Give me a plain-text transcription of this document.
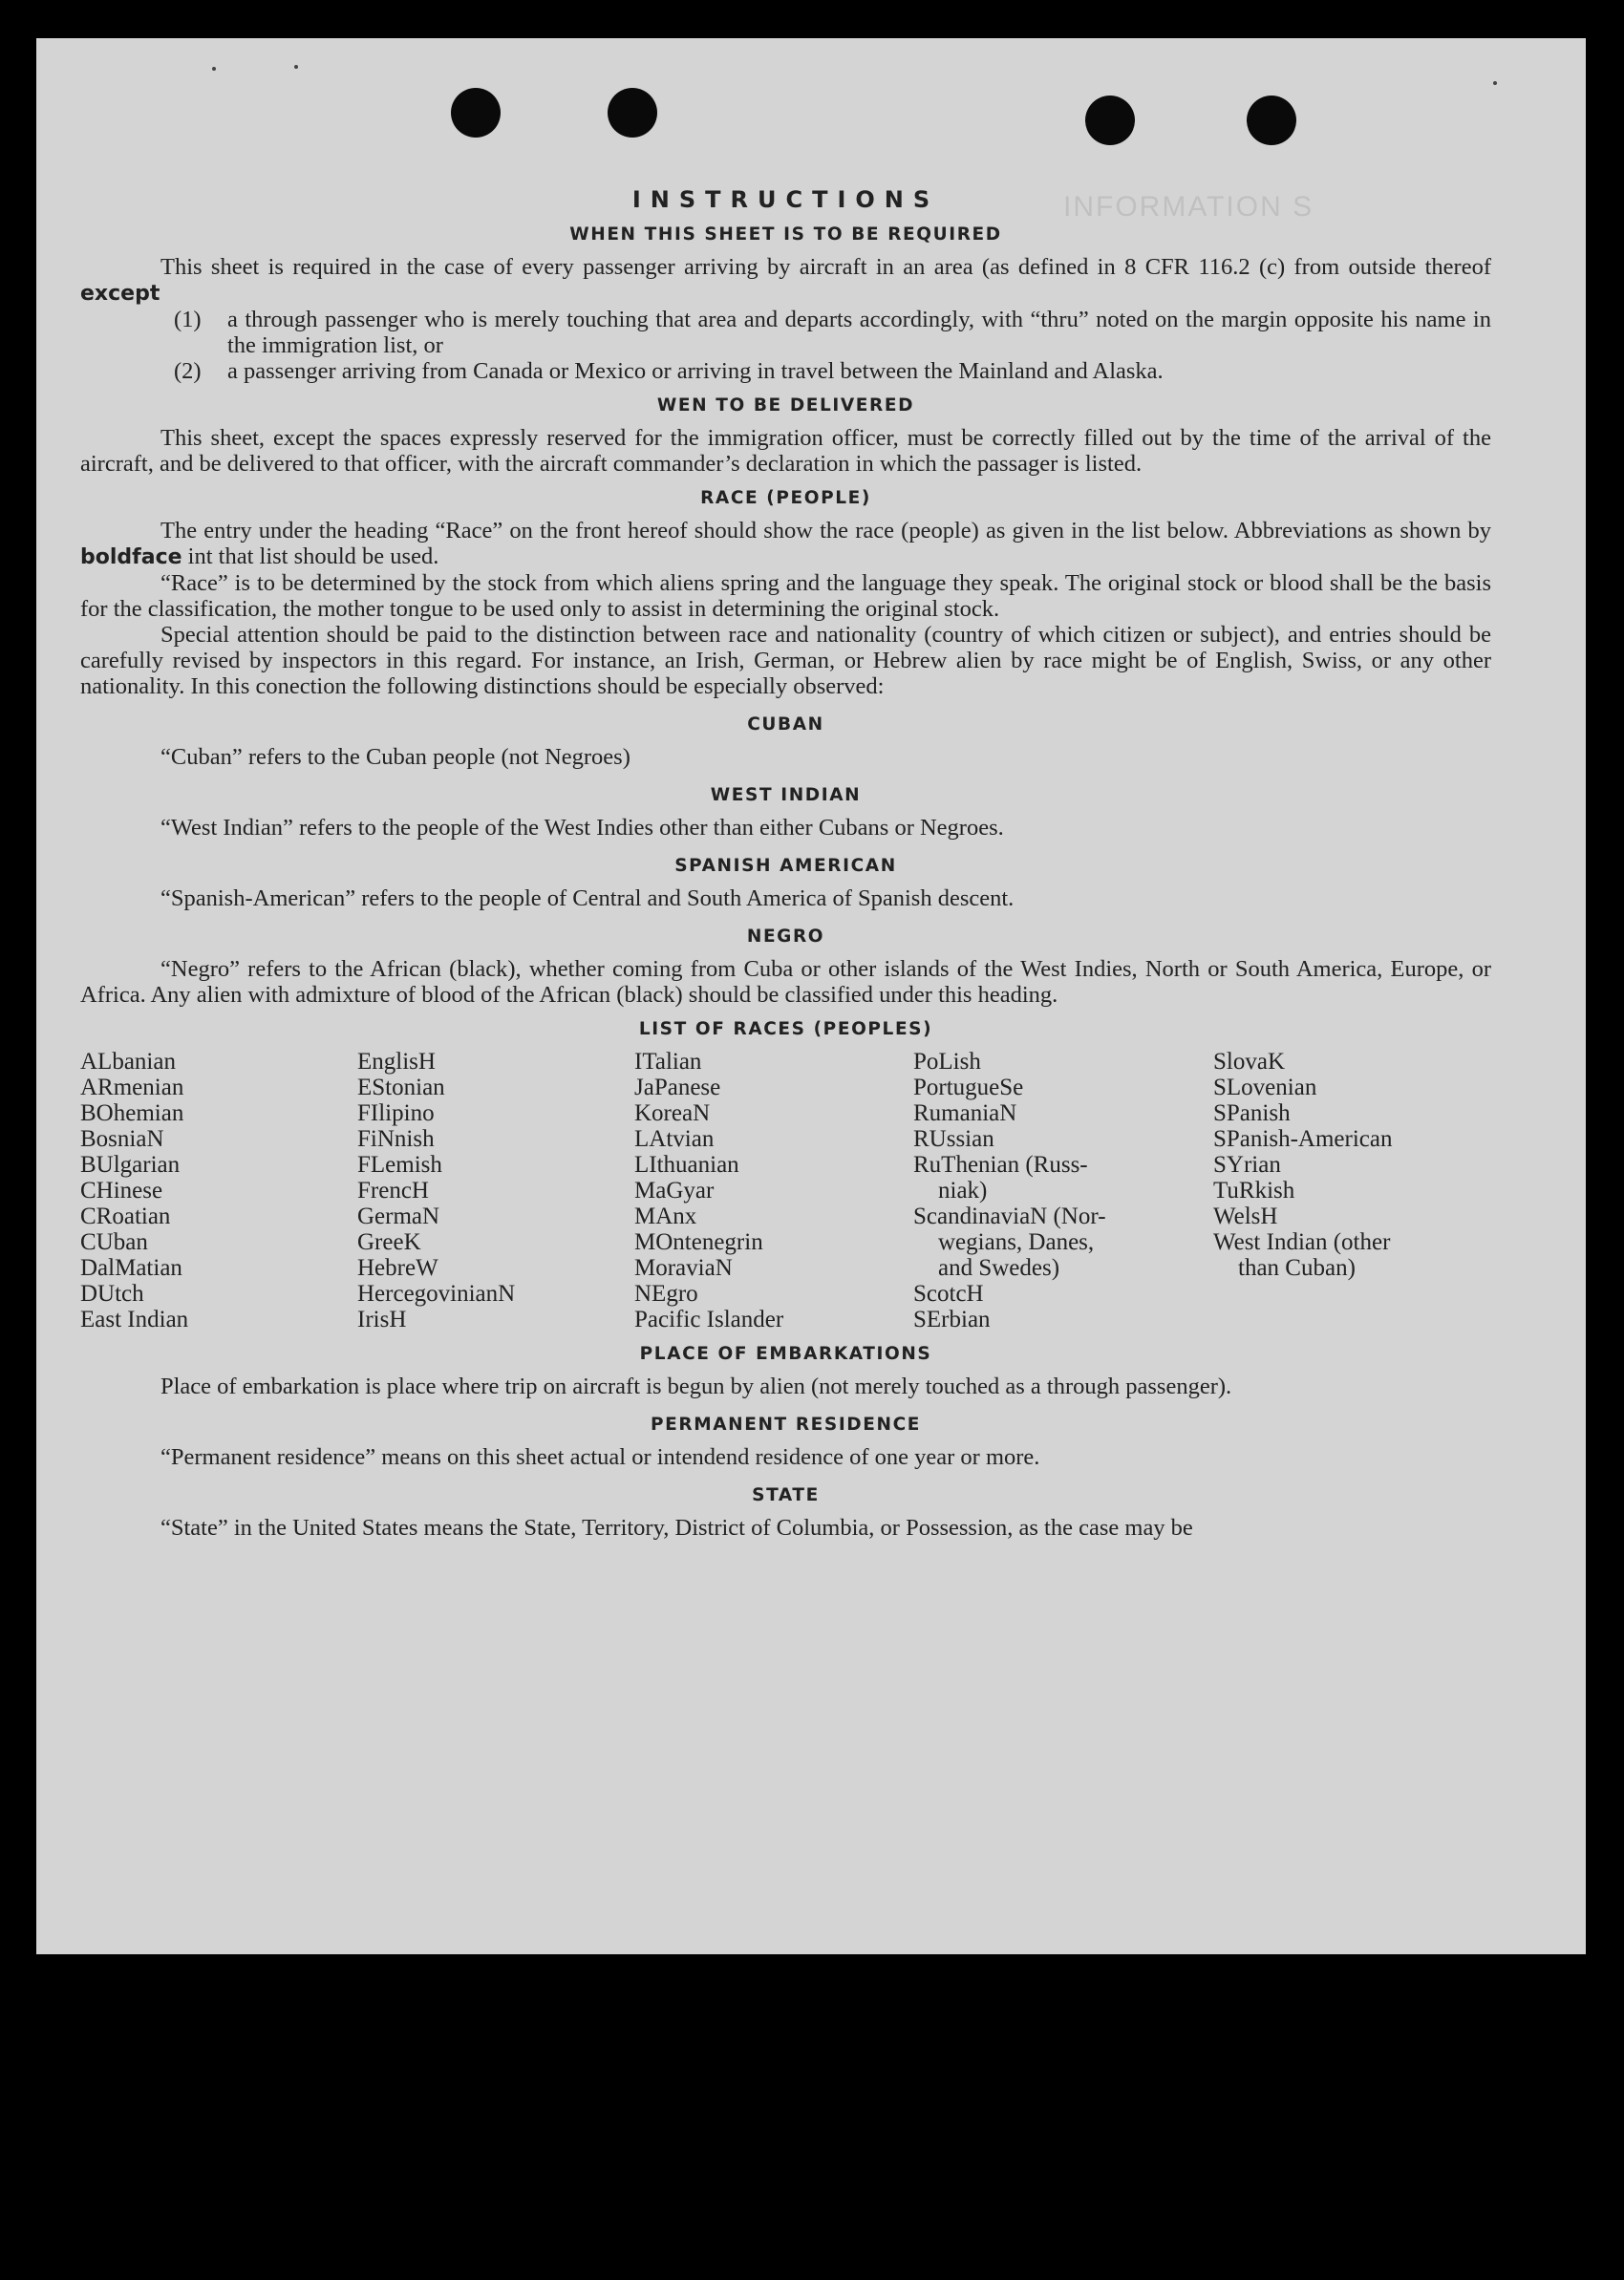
INFORMATION S
INSTRUCTIONS
WHEN THIS SHEET IS TO BE REQUIRED

This sheet is required in the case of every passenger arriving by aircraft in an area (as defined in 8 CFR 116.2 (c) from outside thereof except

(1)	a through passenger who is merely touching that area and departs accordingly, with “thru” noted on the margin opposite his name in the immigration list, or
(2)	a passenger arriving from Canada or Mexico or arriving in travel between the Mainland and Alaska.
WEN TO BE DELIVERED

This sheet, except the spaces expressly reserved for the immigration officer, must be correctly filled out by the time of the arrival of the aircraft, and be delivered to that officer, with the aircraft commander’s declaration in which the passager is listed.

RACE (PEOPLE)

The entry under the heading “Race” on the front hereof should show the race (people) as given in the list below. Abbreviations as shown by boldface int that list should be used.

“Race” is to be determined by the stock from which aliens spring and the language they speak. The original stock or blood shall be the basis for the classification, the mother tongue to be used only to assist in determining the original stock.

Special attention should be paid to the distinction between race and nationality (country of which citizen or subject), and entries should be carefully revised by inspectors in this regard. For instance, an Irish, German, or Hebrew alien by race might be of English, Swiss, or any other nationality. In this conection the following distinctions should be especially observed:

CUBAN

“Cuban” refers to the Cuban people (not Negroes)

WEST INDIAN

“West Indian” refers to the people of the West Indies other than either Cubans or Negroes.

SPANISH AMERICAN

“Spanish-American” refers to the people of Central and South America of Spanish descent.

NEGRO

“Negro” refers to the African (black), whether coming from Cuba or other islands of the West Indies, North or South America, Europe, or Africa. Any alien with admixture of blood of the African (black) should be classified under this heading.

LIST OF RACES (PEOPLES)
ALbanian
ARmenian
BOhemian
BosniaN
BUlgarian
CHinese
CRoatian
CUban
DalMatian
DUtch
East Indian
EnglisH
EStonian
FIlipino
FiNnish
FLemish
FrencH
GermaN
GreeK
HebreW
HercegovinianN
IrisH
ITalian
JaPanese
KoreaN
LAtvian
LIthuanian
MaGyar
MAnx
MOntenegrin
MoraviaN
NEgro
Pacific Islander
PoLish
PortugueSe
RumaniaN
RUssian
RuThenian (Russ-
niak)
ScandinaviaN (Nor-
wegians, Danes,
and Swedes)
ScotcH
SErbian
SlovaK
SLovenian
SPanish
SPanish-American
SYrian
TuRkish
WelsH
West Indian (other
than Cuban)
PLACE OF EMBARKATIONS

Place of embarkation is place where trip on aircraft is begun by alien (not merely touched as a through passenger).

PERMANENT RESIDENCE

“Permanent residence” means on this sheet actual or intendend residence of one year or more.

STATE

“State” in the United States means the State, Territory, District of Columbia, or Possession, as the case may be
